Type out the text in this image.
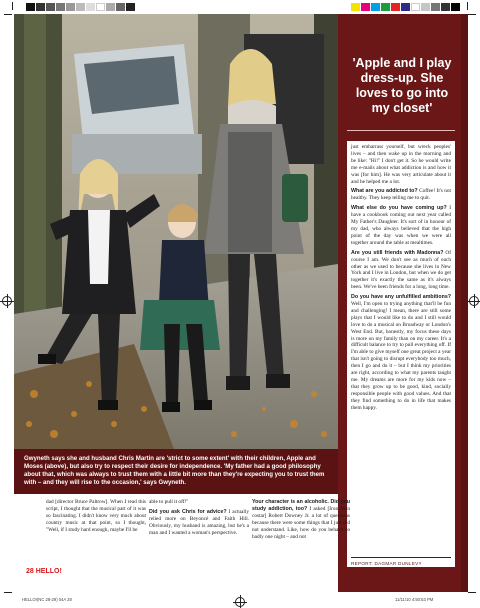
Gwyneth says she and husband Chris Martin are 'strict to some extent' with their children, Apple and Moses (above), but also try to respect their desire for independence. 'My father had a good philosophy about that, which was always to trust them with a little bit more than they're expecting you to trust them with – and they will rise to the occasion,' says Gwyneth.

'Apple and I play dress-up. She loves to go into my closet'

just embarrass yourself, but wreck peoples' lives – and then wake up in the morning and be like: "Hi!" I don't get it. So he would write me e-mails about what addiction is and how it was [for him]. He was very articulate about it and he helped me a lot.

What are you addicted to? Coffee! It's not healthy. They keep telling me to quit.

What else do you have coming up? I have a cookbook coming out next year called My Father's Daughter. It's sort of in honour of my dad, who always believed that the high point of the day was when we were all together around the table at mealtimes.

Are you still friends with Madonna? Of course I am. We don't see as much of each other as we used to because she lives in New York and I live in London, but when we do get together it's exactly the same as it's always been. We've been friends for a long, long time.

Do you have any unfulfilled ambitions? Well, I'm open to trying anything that'll be fun and challenging! I mean, there are still some plays that I would like to do and I still would love to do a musical on Broadway or London's West End. But, honestly, my focus these days is more on my family than on my career. It's a difficult balance to try to pull everything off. If I'm able to give myself one great project a year that isn't going to disrupt everybody too much, then I go and do it – but I think my priorities are right, according to what my parents taught me. My dreams are more for my kids now – that they grow up to be good, kind, socially responsible people with good values. And that they find something to do in life that makes them happy.

REPORT: DAGMAR DUNLEVY

dad [director Bruce Paltrow]. When I read this script, I thought that the musical part of it was so fascinating. I didn't know very much about country music at that point, so I thought, "Well, if I study hard enough, maybe I'll be

able to pull it off!"

Did you ask Chris for advice? I actually relied more on Beyoncé and Faith Hill. Obviously, my husband is amazing, but he's a man and I wanted a woman's perspective.

Your character is an alcoholic. Did you study addiction, too? I asked [Iron Man costar] Robert Downey Jr. a lot of questions because there were some things that I just did not understand. Like, how do you behave so badly one night – and not

28 HELLO!
ADDRESSPHOTOS
HELLO!(NC 28-29) 04A 28	11/11/10 4:50:53 PM
